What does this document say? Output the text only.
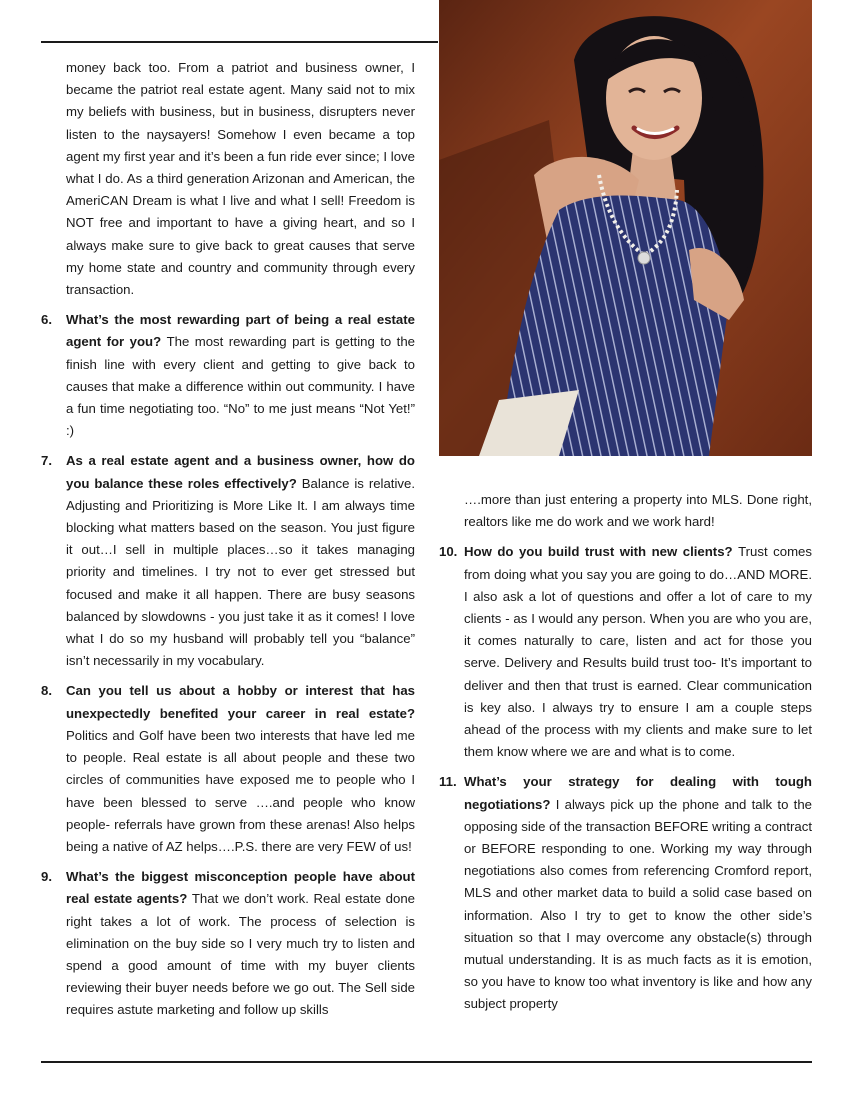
money back too. From a patriot and business owner, I became the patriot real estate agent. Many said not to mix my beliefs with business, but in business, disrupters never listen to the naysayers! Somehow I even became a top agent my first year and it’s been a fun ride ever since; I love what I do. As a third generation Arizonan and American, the AmeriCAN Dream is what I live and what I sell! Freedom is NOT free and important to have a giving heart, and so I always make sure to give back to great causes that serve my home state and country and community through every transaction.

6. What’s the most rewarding part of being a real estate agent for you? The most rewarding part is getting to the finish line with every client and getting to give back to causes that make a difference within out community. I have a fun time negotiating too. “No” to me just means “Not Yet!” :)

7. As a real estate agent and a business owner, how do you balance these roles effectively? Balance is relative. Adjusting and Prioritizing is More Like It. I am always time blocking what matters based on the season. You just figure it out…I sell in multiple places…so it takes managing priority and timelines. I try not to ever get stressed but focused and make it all happen. There are busy seasons balanced by slowdowns - you just take it as it comes! I love what I do so my husband will probably tell you “balance” isn’t necessarily in my vocabulary.

8. Can you tell us about a hobby or interest that has unexpectedly benefited your career in real estate? Politics and Golf have been two interests that have led me to people. Real estate is all about people and these two circles of communities have exposed me to people who I have been blessed to serve ….and people who know people- referrals have grown from these arenas! Also helps being a native of AZ helps….P.S. there are very FEW of us!

9. What’s the biggest misconception people have about real estate agents? That we don’t work. Real estate done right takes a lot of work. The process of selection is elimination on the buy side so I very much try to listen and spend a good amount of time with my buyer clients reviewing their buyer needs before we go out. The Sell side requires astute marketing and follow up skills

….more than just entering a property into MLS. Done right, realtors like me do work and we work hard!

10. How do you build trust with new clients? Trust comes from doing what you say you are going to do…AND MORE. I also ask a lot of questions and offer a lot of care to my clients - as I would any person. When you are who you are, it comes naturally to care, listen and act for those you serve. Delivery and Results build trust too- It’s important to deliver and then that trust is earned. Clear communication is key also. I always try to ensure I am a couple steps ahead of the process with my clients and make sure to let them know where we are and what is to come.

11. What’s your strategy for dealing with tough negotiations? I always pick up the phone and talk to the opposing side of the transaction BEFORE writing a contract or BEFORE responding to one. Working my way through negotiations also comes from referencing Cromford report, MLS and other market data to build a solid case based on information. Also I try to get to know the other side’s situation so that I may overcome any obstacle(s) through mutual understanding. It is as much facts as it is emotion, so you have to know too what inventory is like and how any subject property
